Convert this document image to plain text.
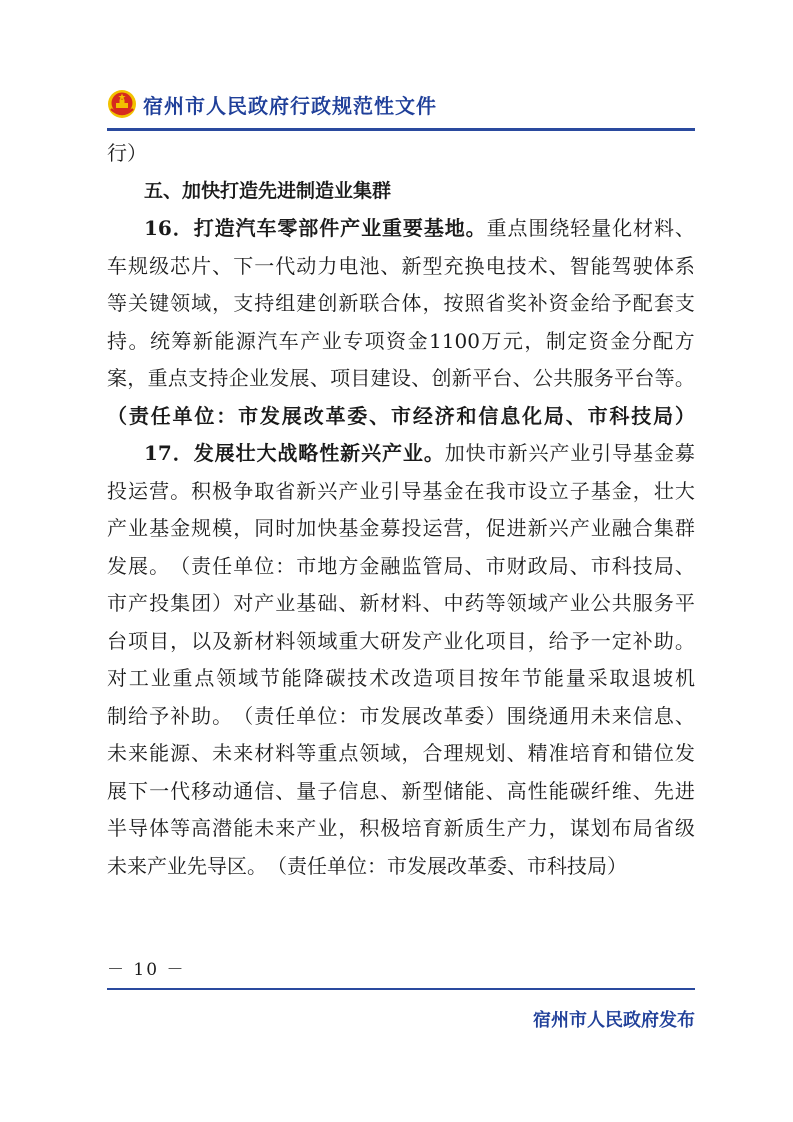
宿州市人民政府行政规范性文件
行 ）
五、加快打造先进制造业集群
16 ． 打 造 汽 车 零 部 件 产 业 重 要 基 地 。 重 点 围 绕 轻 量 化 材 料 、
车 规 级 芯 片 、 下 一 代 动 力 电 池 、 新 型 充 换 电 技 术 、 智 能 驾 驶 体 系
等 关 键 领 域 ， 支 持 组 建 创 新 联 合 体 ， 按 照 省 奖 补 资 金 给 予 配 套 支
持 。 统 筹 新 能 源 汽 车 产 业 专 项 资 金 1100 万 元 ， 制 定 资 金 分 配 方
案 ， 重 点 支 持 企 业 发 展 、 项 目 建 设 、 创 新 平 台 、 公 共 服 务 平 台 等 。
（ 责 任 单 位 ： 市 发 展 改 革 委 、 市 经 济 和 信 息 化 局 、 市 科 技 局 ）
17 ． 发 展 壮 大 战 略 性 新 兴 产 业 。 加 快 市 新 兴 产 业 引 导 基 金 募
投 运 营 。 积 极 争 取 省 新 兴 产 业 引 导 基 金 在 我 市 设 立 子 基 金 ， 壮 大
产 业 基 金 规 模 ， 同 时 加 快 基 金 募 投 运 营 ， 促 进 新 兴 产 业 融 合 集 群
发 展 。 （ 责 任 单 位 ： 市 地 方 金 融 监 管 局 、 市 财 政 局 、 市 科 技 局 、
市 产 投 集 团 ） 对 产 业 基 础 、 新 材 料 、 中 药 等 领 域 产 业 公 共 服 务 平
台 项 目 ， 以 及 新 材 料 领 域 重 大 研 发 产 业 化 项 目 ， 给 予 一 定 补 助 。
对 工 业 重 点 领 域 节 能 降 碳 技 术 改 造 项 目 按 年 节 能 量 采 取 退 坡 机
制 给 予 补 助 。 （ 责 任 单 位 ： 市 发 展 改 革 委 ） 围 绕 通 用 未 来 信 息 、
未 来 能 源 、 未 来 材 料 等 重 点 领 域 ， 合 理 规 划 、 精 准 培 育 和 错 位 发
展 下 一 代 移 动 通 信 、 量 子 信 息 、 新 型 储 能 、 高 性 能 碳 纤 维 、 先 进
半 导 体 等 高 潜 能 未 来 产 业 ， 积 极 培 育 新 质 生 产 力 ， 谋 划 布 局 省 级
未 来 产 业 先 导 区 。 （ 责 任 单 位 ： 市 发 展 改 革 委 、 市 科 技 局 ）
－ 10 －
宿州市人民政府发布
